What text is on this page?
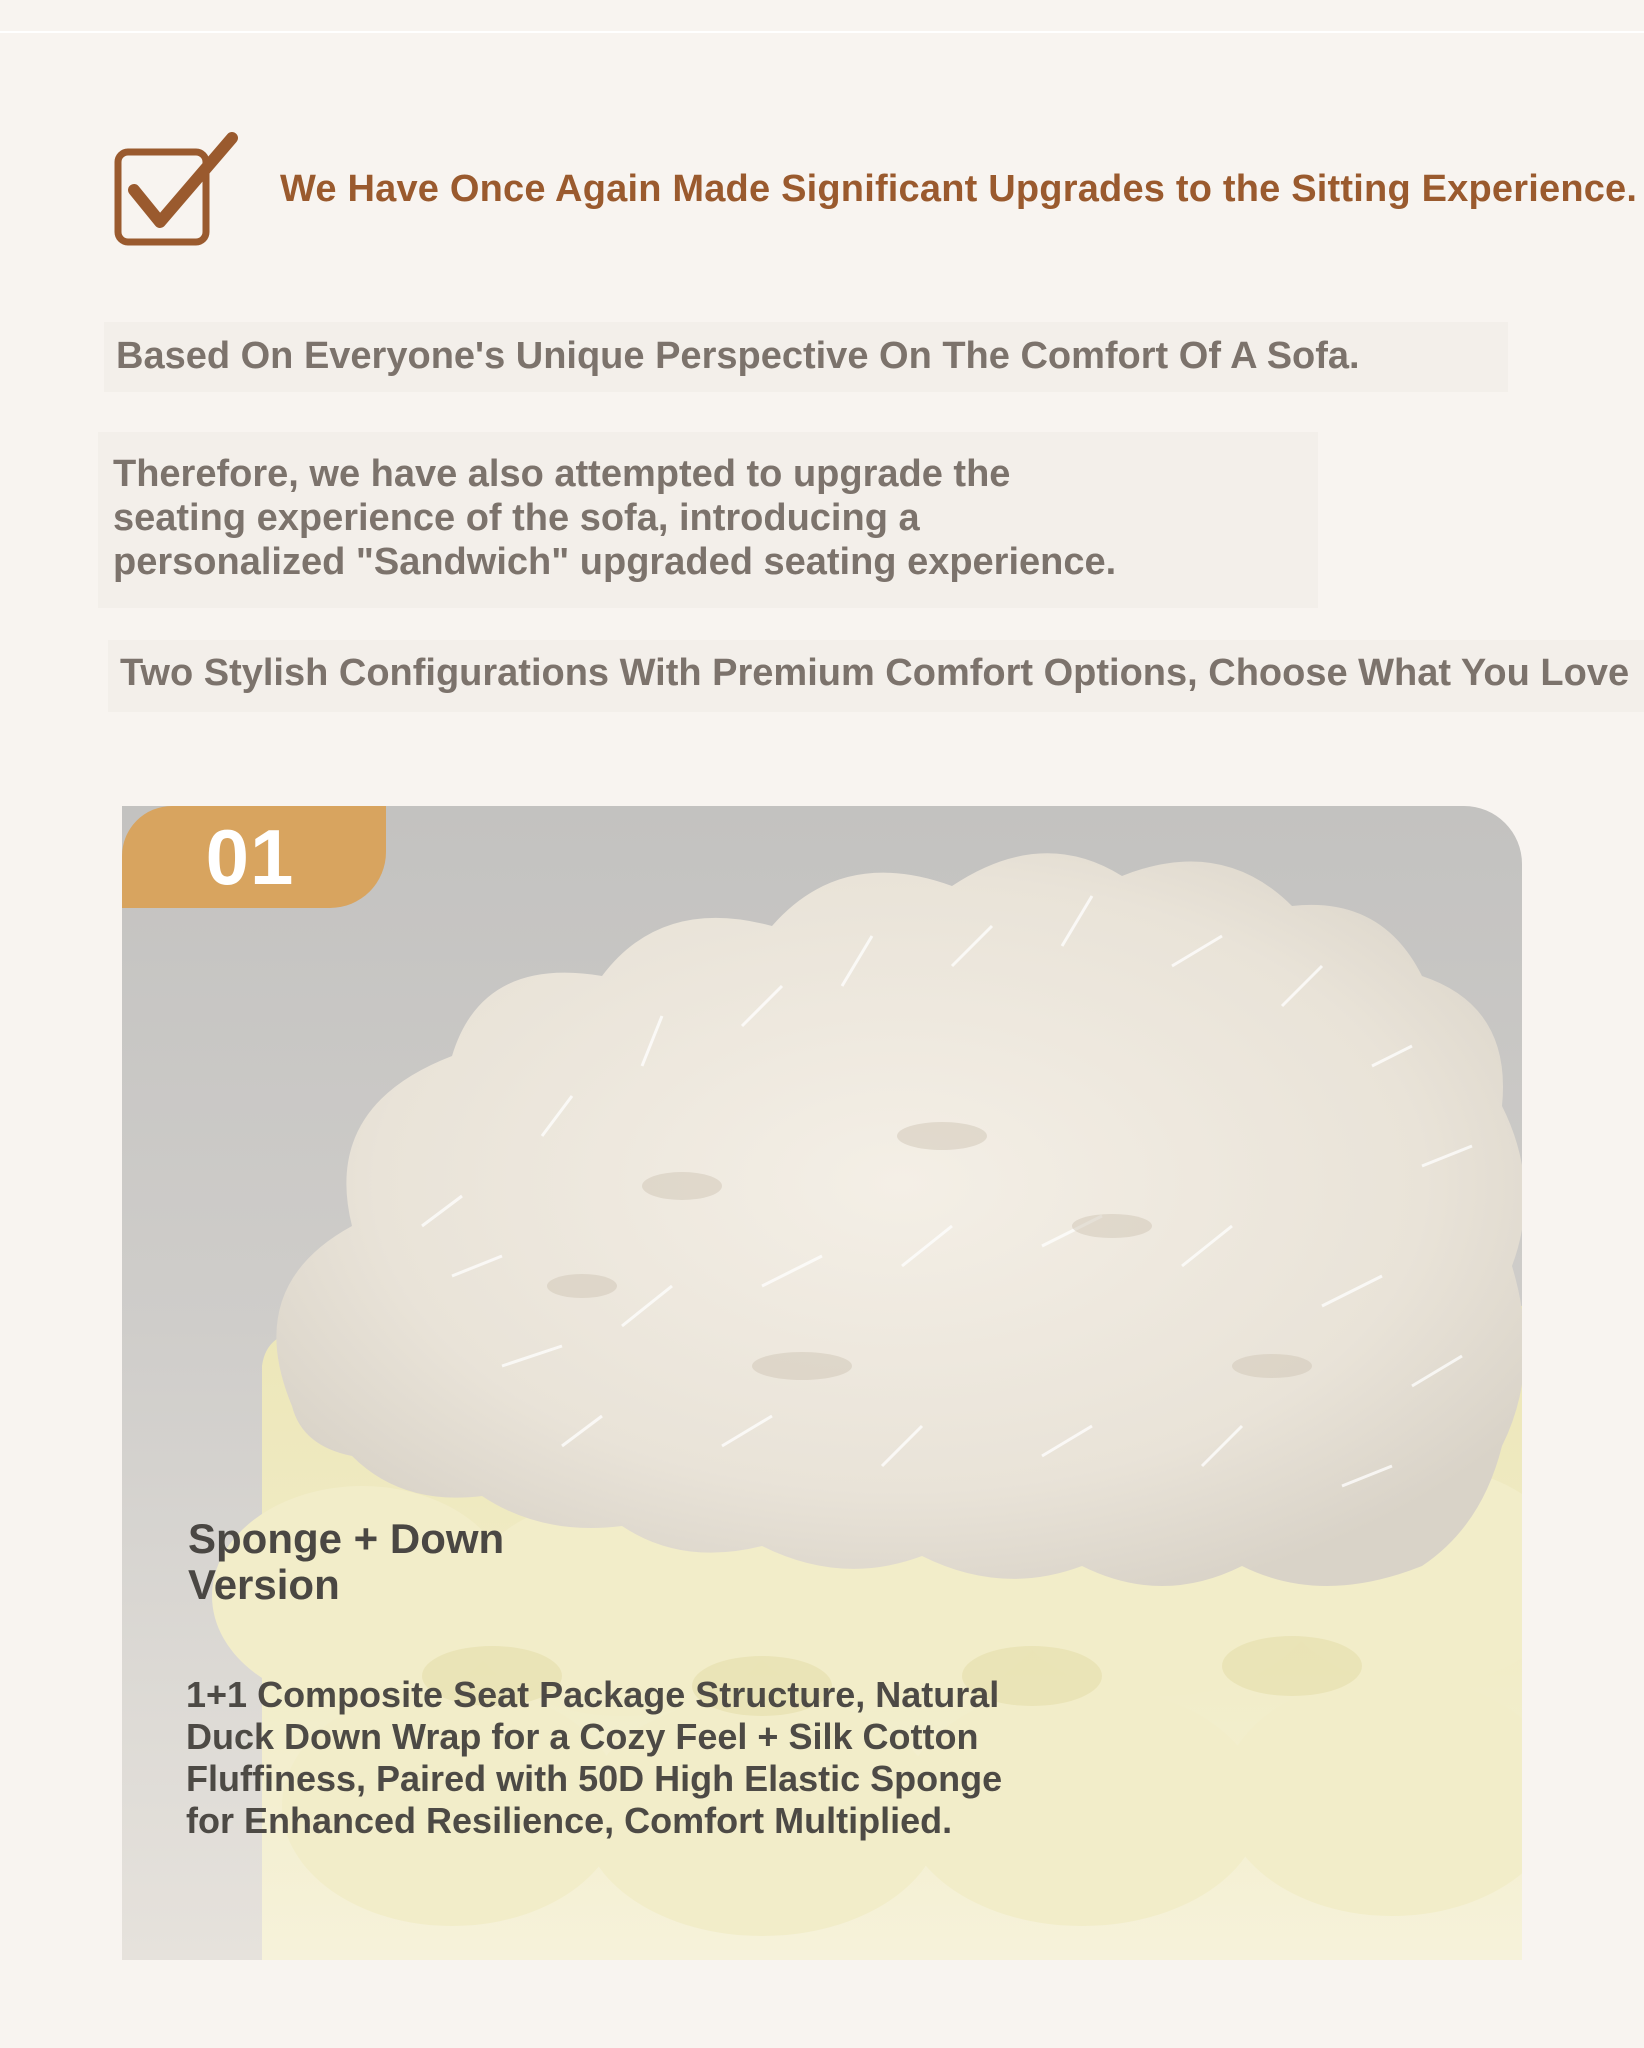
We Have Once Again Made Significant Upgrades to the Sitting Experience.
Based On Everyone's Unique Perspective On The Comfort Of A Sofa.
Therefore, we have also attempted to upgrade the
seating experience of the sofa, introducing a
personalized "Sandwich" upgraded seating experience.
Two Stylish Configurations With Premium Comfort Options, Choose What You Love
01
Sponge + Down
Version
1+1 Composite Seat Package Structure, Natural
Duck Down Wrap for a Cozy Feel + Silk Cotton
Fluffiness, Paired with 50D High Elastic Sponge
for Enhanced Resilience, Comfort Multiplied.
